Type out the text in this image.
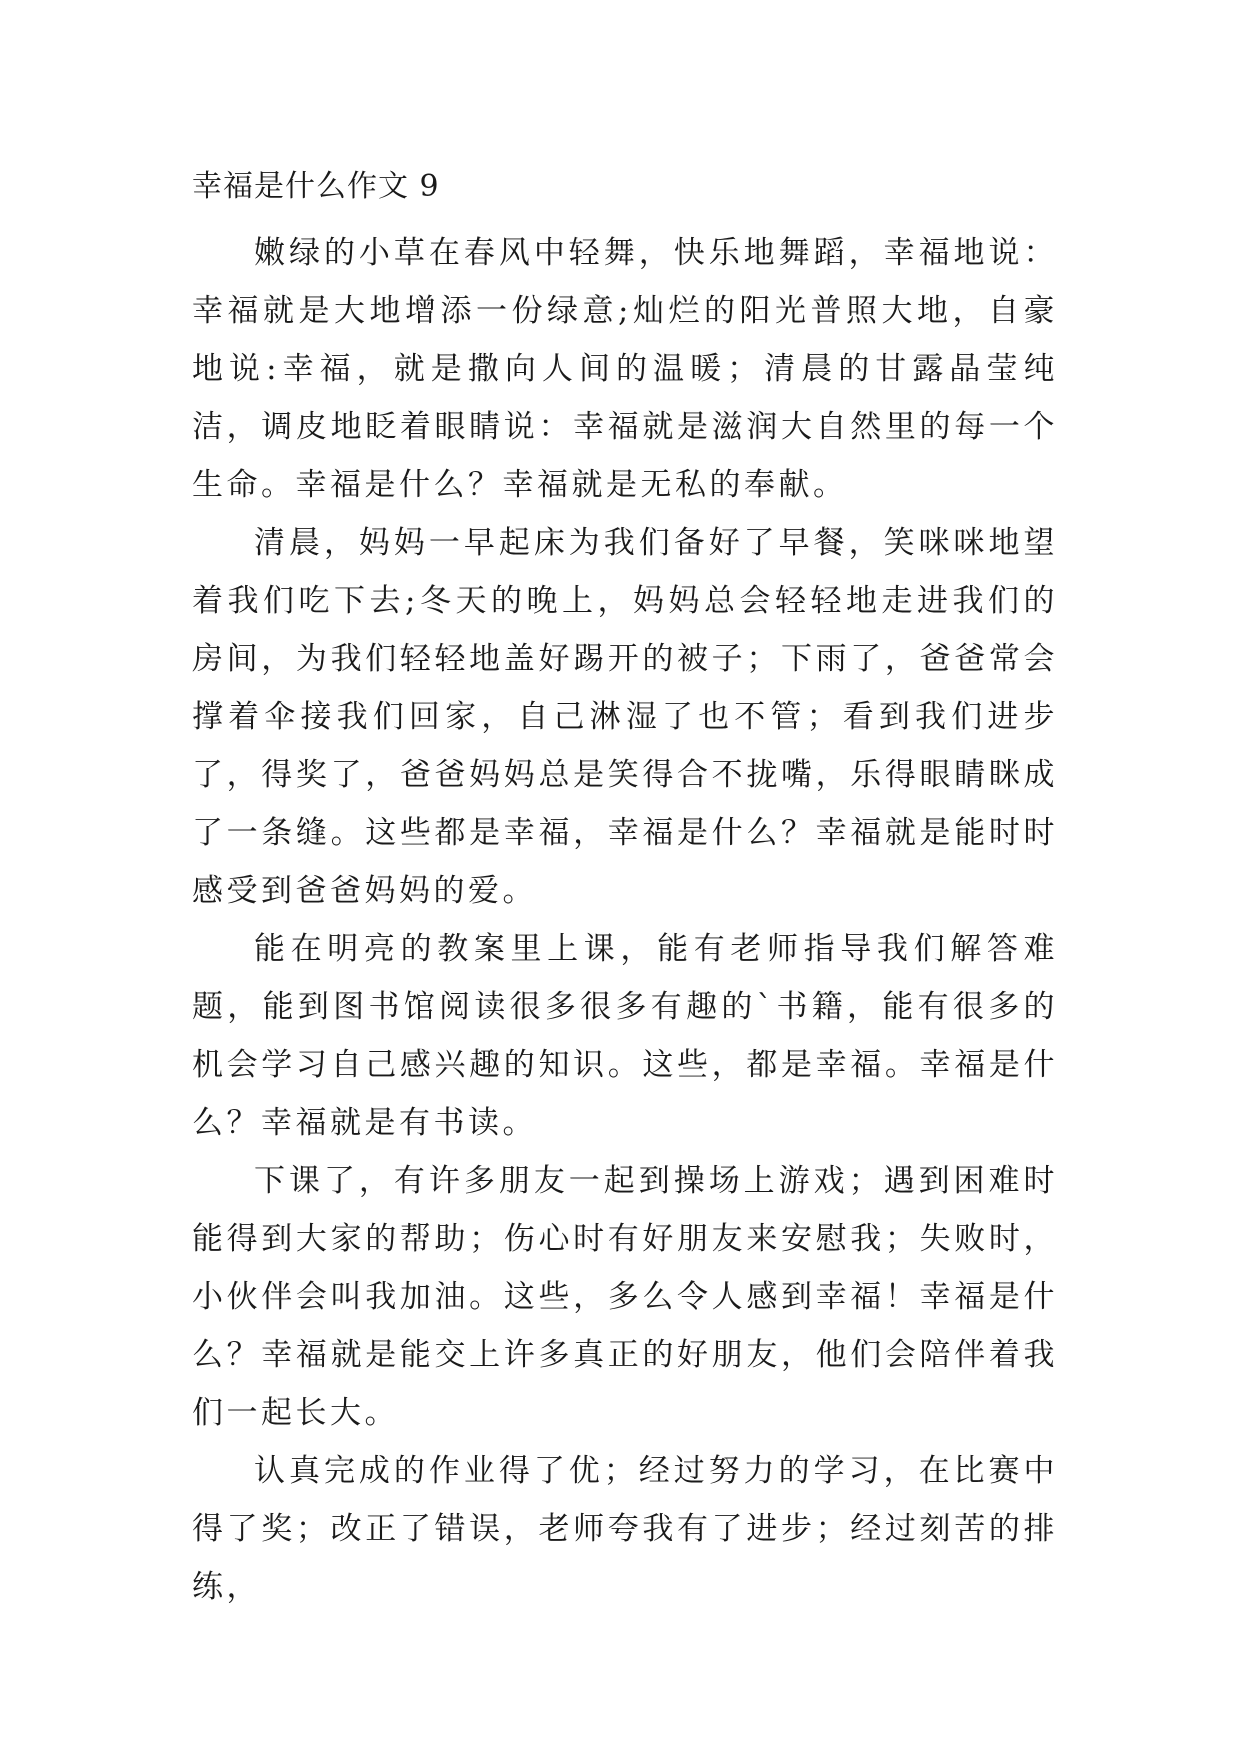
幸福是什么作文 9

嫩绿的小草在春风中轻舞，快乐地舞蹈，幸福地说：幸福就是大地增添一份绿意;灿烂的阳光普照大地，自豪地说:幸福，就是撒向人间的温暖；清晨的甘露晶莹纯洁，调皮地眨着眼睛说：幸福就是滋润大自然里的每一个生命。幸福是什么？幸福就是无私的奉献。

清晨，妈妈一早起床为我们备好了早餐，笑咪咪地望着我们吃下去;冬天的晚上，妈妈总会轻轻地走进我们的房间，为我们轻轻地盖好踢开的被子；下雨了，爸爸常会撑着伞接我们回家，自己淋湿了也不管；看到我们进步了，得奖了，爸爸妈妈总是笑得合不拢嘴，乐得眼睛眯成了一条缝。这些都是幸福，幸福是什么？幸福就是能时时感受到爸爸妈妈的爱。

能在明亮的教案里上课，能有老师指导我们解答难题，能到图书馆阅读很多很多有趣的`书籍，能有很多的机会学习自己感兴趣的知识。这些，都是幸福。幸福是什么？幸福就是有书读。

下课了，有许多朋友一起到操场上游戏；遇到困难时能得到大家的帮助；伤心时有好朋友来安慰我；失败时，小伙伴会叫我加油。这些，多么令人感到幸福！幸福是什么？幸福就是能交上许多真正的好朋友，他们会陪伴着我们一起长大。

认真完成的作业得了优；经过努力的学习，在比赛中得了奖；改正了错误，老师夸我有了进步；经过刻苦的排练，
